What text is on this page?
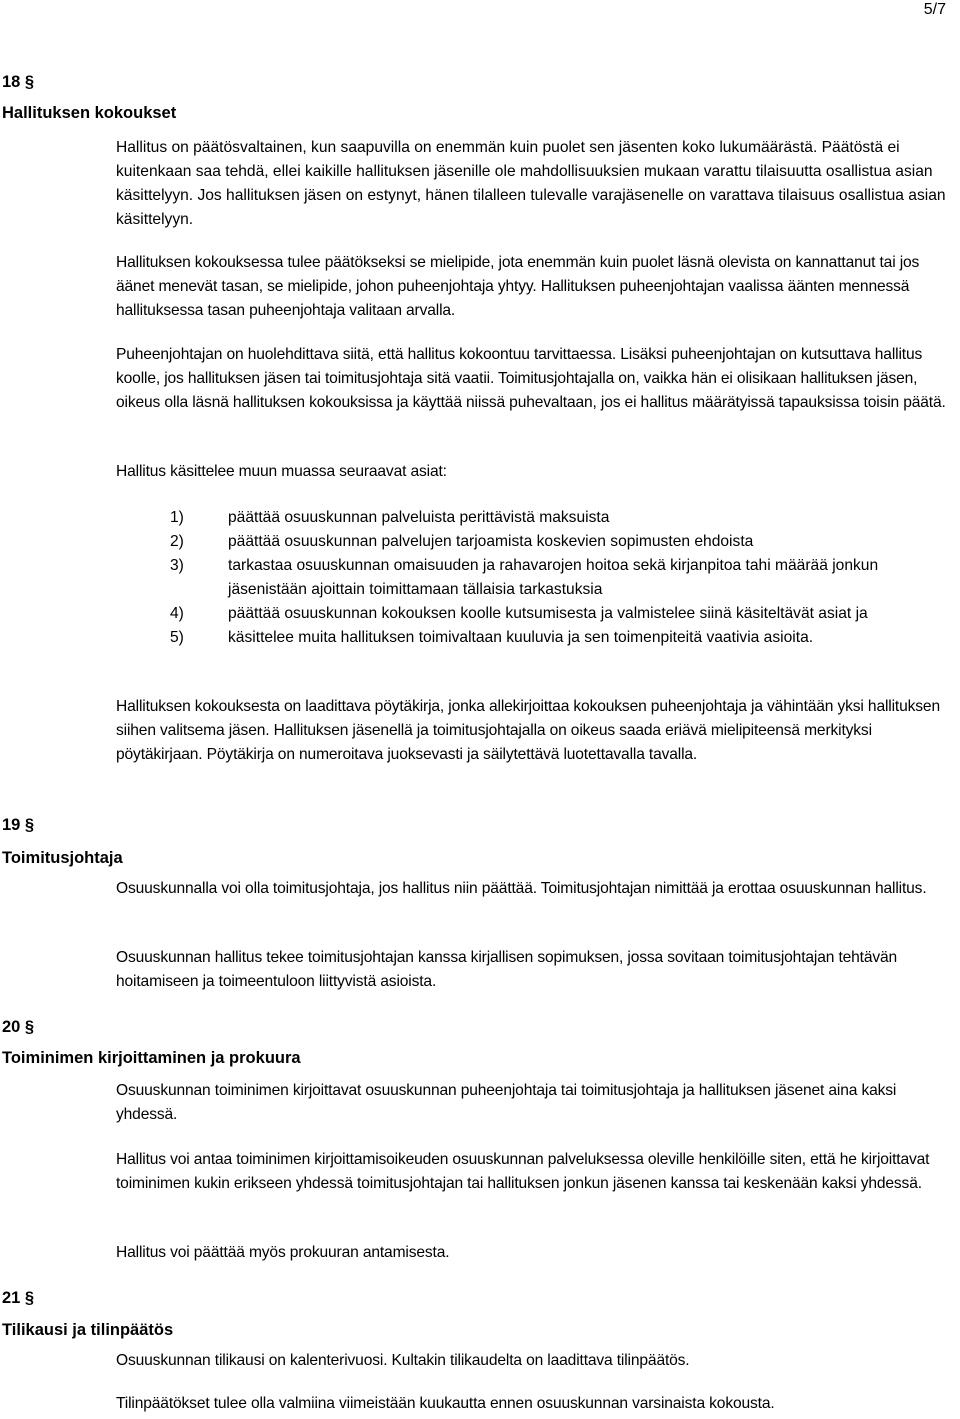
5/7
18 §
Hallituksen kokoukset

Hallitus on päätösvaltainen, kun saapuvilla on enemmän kuin puolet sen jäsenten koko lukumäärästä. Päätöstä ei kuitenkaan saa tehdä, ellei kaikille hallituksen jäsenille ole mahdollisuuksien mukaan varattu tilaisuutta osallistua asian käsittelyyn. Jos hallituksen jäsen on estynyt, hänen tilalleen tulevalle varajäsenelle on varattava tilaisuus osallistua asian käsittelyyn.

Hallituksen kokouksessa tulee päätökseksi se mielipide, jota enemmän kuin puolet läsnä olevista on kannattanut tai jos äänet menevät tasan, se mielipide, johon puheenjohtaja yhtyy. Hallituksen puheenjohtajan vaalissa äänten mennessä hallituksessa tasan puheenjohtaja valitaan arvalla.

Puheenjohtajan on huolehdittava siitä, että hallitus kokoontuu tarvittaessa. Lisäksi puheenjohtajan on kutsuttava hallitus koolle, jos hallituksen jäsen tai toimitusjohtaja sitä vaatii. Toimitusjohtajalla on, vaikka hän ei olisikaan hallituksen jäsen, oikeus olla läsnä hallituksen kokouksissa ja käyttää niissä puhevaltaan, jos ei hallitus määrätyissä tapauksissa toisin päätä.

Hallitus käsittelee muun muassa seuraavat asiat:

1)	päättää osuuskunnan palveluista perittävistä maksuista
2)	päättää osuuskunnan palvelujen tarjoamista koskevien sopimusten ehdoista
3)	tarkastaa osuuskunnan omaisuuden ja rahavarojen hoitoa sekä kirjanpitoa tahi määrää jonkun jäsenistään ajoittain toimittamaan tällaisia tarkastuksia
4)	päättää osuuskunnan kokouksen koolle kutsumisesta ja valmistelee siinä käsiteltävät asiat ja
5)	käsittelee muita hallituksen toimivaltaan kuuluvia ja sen toimenpiteitä vaativia asioita.

Hallituksen kokouksesta on laadittava pöytäkirja, jonka allekirjoittaa kokouksen puheenjohtaja ja vähintään yksi hallituksen siihen valitsema jäsen. Hallituksen jäsenellä ja toimitusjohtajalla on oikeus saada eriävä mielipiteensä merkityksi pöytäkirjaan. Pöytäkirja on numeroitava juoksevasti ja säilytettävä luotettavalla tavalla.

19 §
Toimitusjohtaja

Osuuskunnalla voi olla toimitusjohtaja, jos hallitus niin päättää. Toimitusjohtajan nimittää ja erottaa osuuskunnan hallitus.

Osuuskunnan hallitus tekee toimitusjohtajan kanssa kirjallisen sopimuksen, jossa sovitaan toimitusjohtajan tehtävän hoitamiseen ja toimeentuloon liittyvistä asioista.

20 §
Toiminimen kirjoittaminen ja prokuura

Osuuskunnan toiminimen kirjoittavat osuuskunnan puheenjohtaja tai toimitusjohtaja ja hallituksen jäsenet aina kaksi yhdessä.

Hallitus voi antaa toiminimen kirjoittamisoikeuden osuuskunnan palveluksessa oleville henkilöille siten, että he kirjoittavat toiminimen kukin erikseen yhdessä toimitusjohtajan tai hallituksen jonkun jäsenen kanssa tai keskenään kaksi yhdessä.

Hallitus voi päättää myös prokuuran antamisesta.

21 §
Tilikausi ja tilinpäätös

Osuuskunnan tilikausi on kalenterivuosi. Kultakin tilikaudelta on laadittava tilinpäätös.

Tilinpäätökset tulee olla valmiina viimeistään kuukautta ennen osuuskunnan varsinaista kokousta.
